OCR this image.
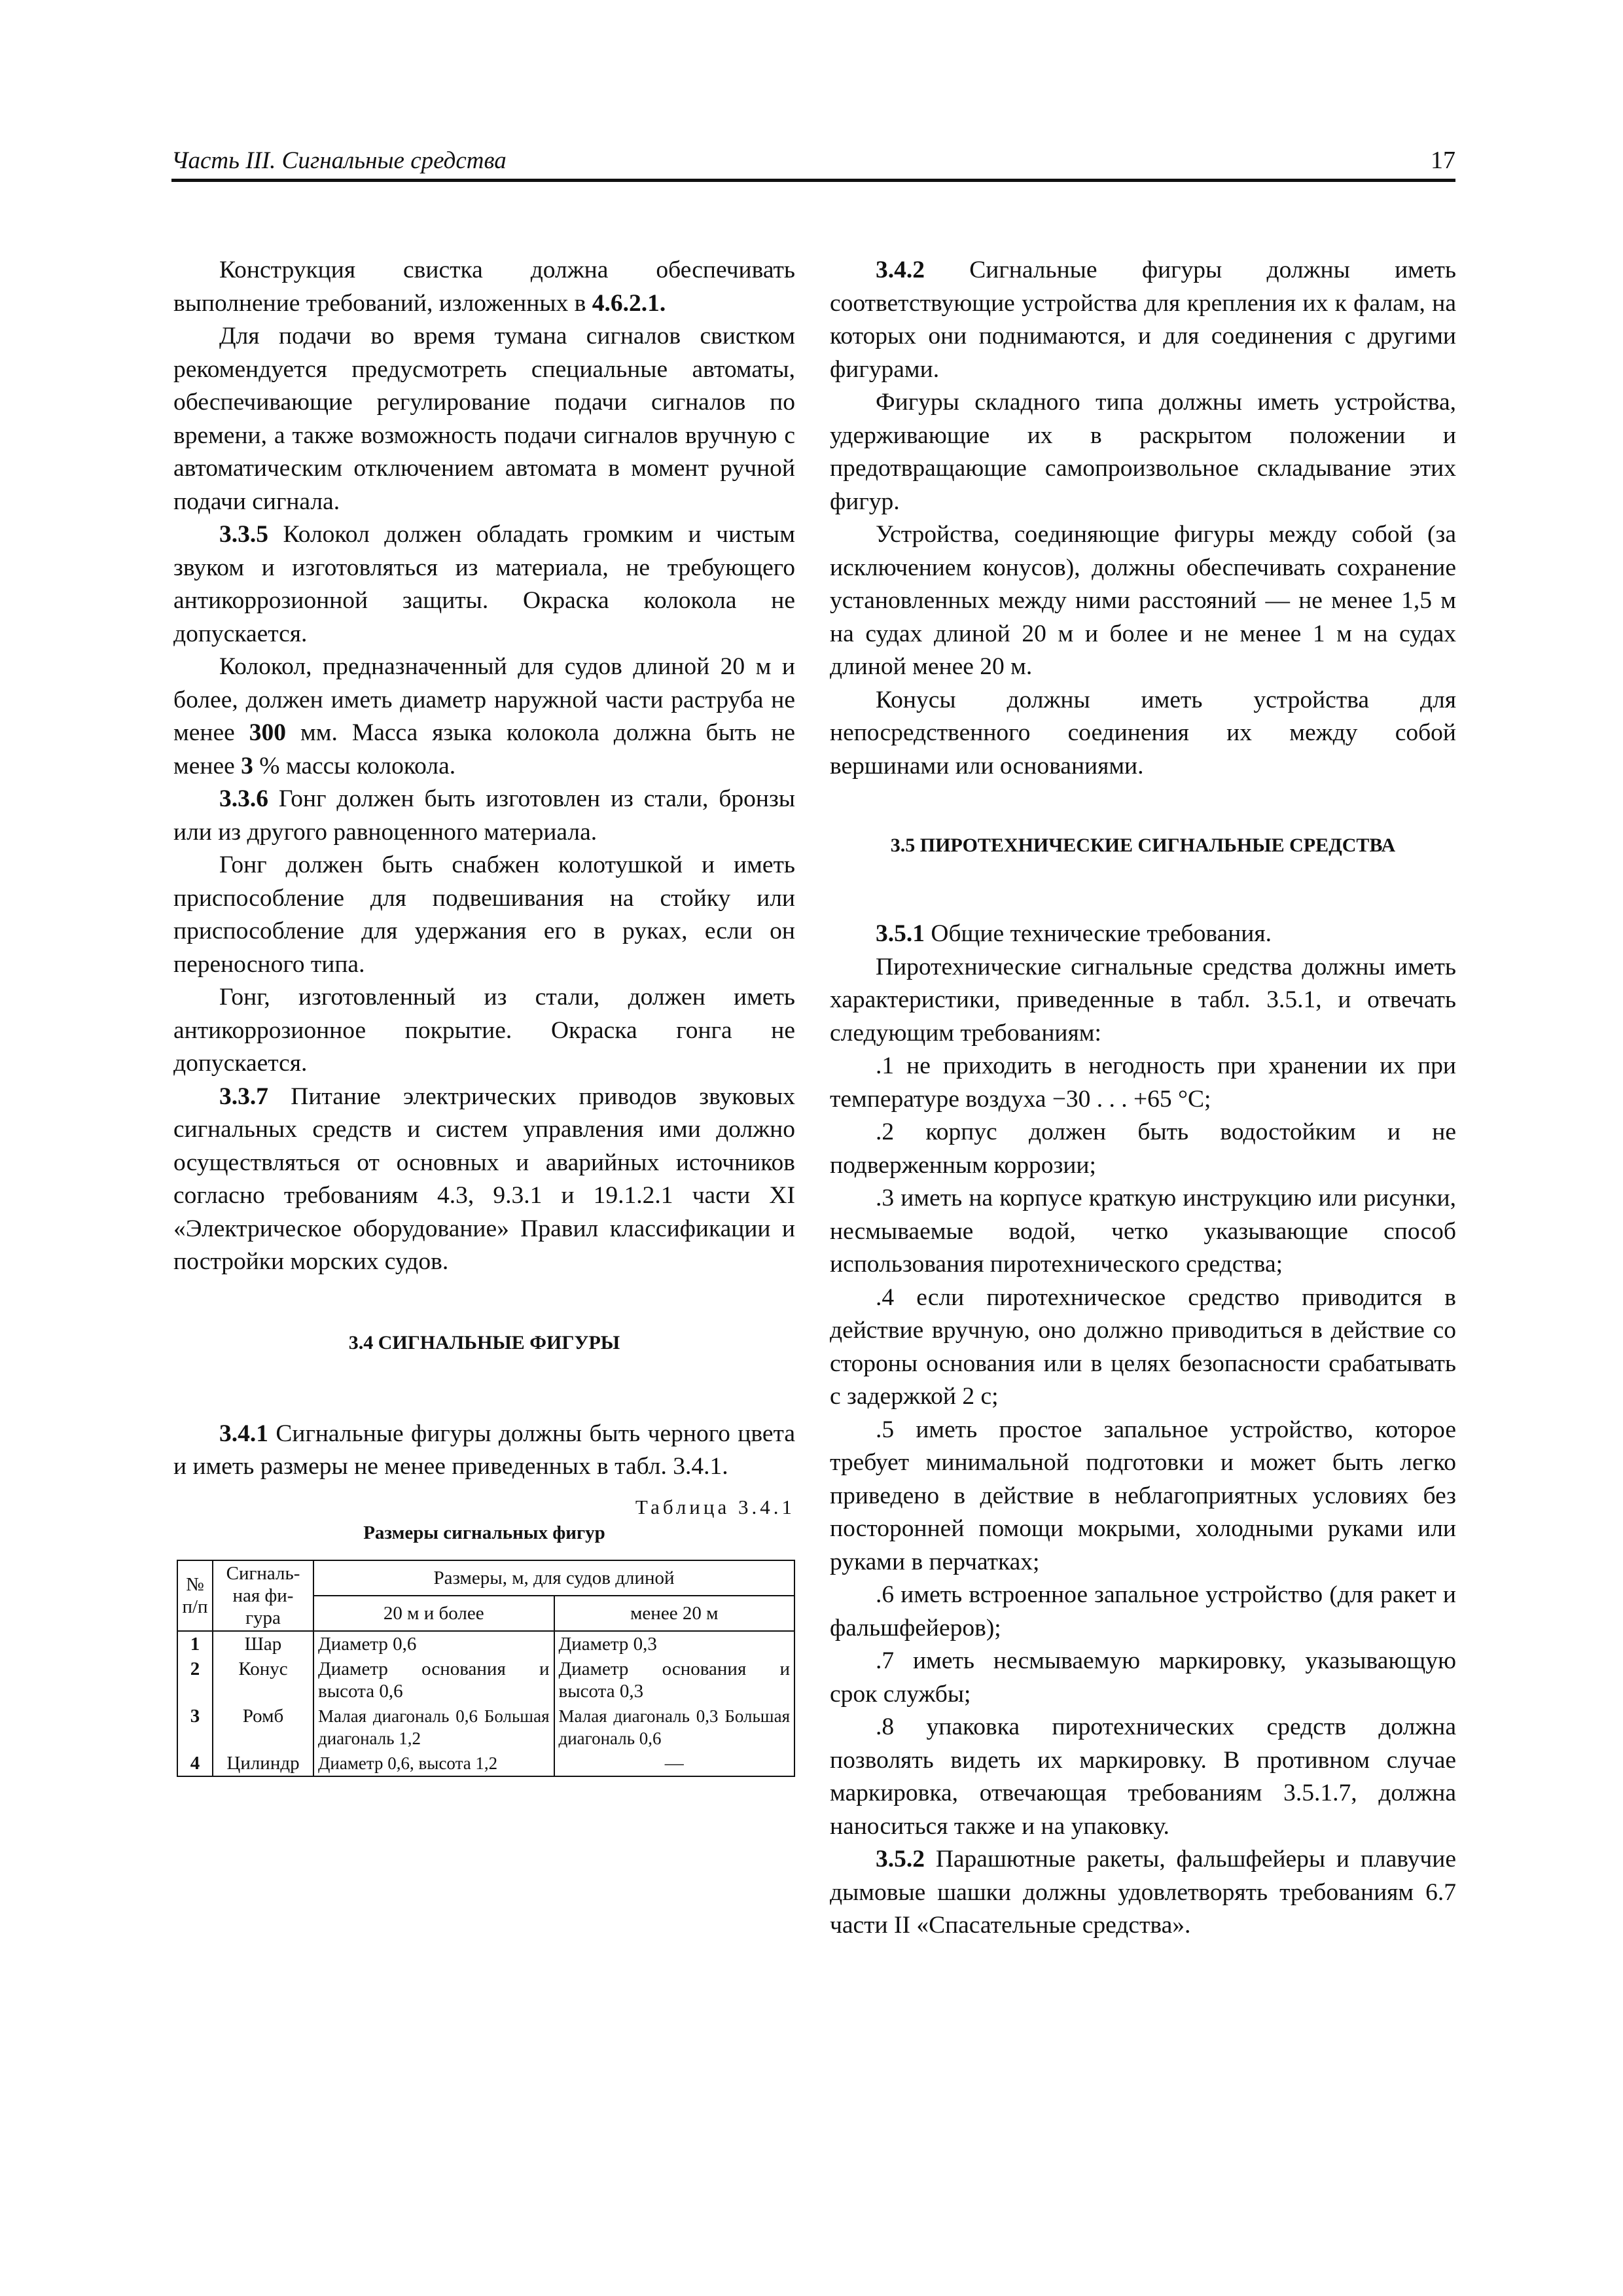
Часть III. Сигнальные средства	17

Конструкция свистка должна обеспечивать выполнение требований, изложенных в 4.6.2.1.

Для подачи во время тумана сигналов свистком рекомендуется предусмотреть специальные автоматы, обеспечивающие регулирование подачи сигналов по времени, а также возможность подачи сигналов вручную с автоматическим отключением автомата в момент ручной подачи сигнала.

3.3.5 Колокол должен обладать громким и чистым звуком и изготовляться из материала, не требующего антикоррозионной защиты. Окраска колокола не допускается.

Колокол, предназначенный для судов длиной 20 м и более, должен иметь диаметр наружной части раструба не менее 300 мм. Масса языка колокола должна быть не менее 3 % массы колокола.

3.3.6 Гонг должен быть изготовлен из стали, бронзы или из другого равноценного материала.

Гонг должен быть снабжен колотушкой и иметь приспособление для подвешивания на стойку или приспособление для удержания его в руках, если он переносного типа.

Гонг, изготовленный из стали, должен иметь антикоррозионное покрытие. Окраска гонга не допускается.

3.3.7 Питание электрических приводов звуковых сигнальных средств и систем управления ими должно осуществляться от основных и аварийных источников согласно требованиям 4.3, 9.3.1 и 19.1.2.1 части XI «Электрическое оборудование» Правил классификации и постройки морских судов.

3.4 СИГНАЛЬНЫЕ ФИГУРЫ

3.4.1 Сигнальные фигуры должны быть черного цвета и иметь размеры не менее приведенных в табл. 3.4.1.

Таблица 3.4.1
Размеры сигнальных фигур
№ п/п	Сигналь-ная фи-гура	Размеры, м, для судов длиной	
		20 м и более	менее 20 м
1	Шар	Диаметр 0,6	Диаметр 0,3
2	Конус	Диаметр основания и высота 0,6	Диаметр основания и высота 0,3
3	Ромб	Малая диагональ 0,6 Большая диагональ 1,2	Малая диагональ 0,3 Большая диагональ 0,6
4	Цилиндр	Диаметр 0,6, высота 1,2	—

3.4.2 Сигнальные фигуры должны иметь соответствующие устройства для крепления их к фалам, на которых они поднимаются, и для соединения с другими фигурами.

Фигуры складного типа должны иметь устройства, удерживающие их в раскрытом положении и предотвращающие самопроизвольное складывание этих фигур.

Устройства, соединяющие фигуры между собой (за исключением конусов), должны обеспечивать сохранение установленных между ними расстояний — не менее 1,5 м на судах длиной 20 м и более и не менее 1 м на судах длиной менее 20 м.

Конусы должны иметь устройства для непосредственного соединения их между собой вершинами или основаниями.

3.5 ПИРОТЕХНИЧЕСКИЕ СИГНАЛЬНЫЕ СРЕДСТВА

3.5.1 Общие технические требования.

Пиротехнические сигнальные средства должны иметь характеристики, приведенные в табл. 3.5.1, и отвечать следующим требованиям:

.1 не приходить в негодность при хранении их при температуре воздуха −30 . . . +65 °С;

.2 корпус должен быть водостойким и не подверженным коррозии;

.3 иметь на корпусе краткую инструкцию или рисунки, несмываемые водой, четко указывающие способ использования пиротехнического средства;

.4 если пиротехническое средство приводится в действие вручную, оно должно приводиться в действие со стороны основания или в целях безопасности срабатывать с задержкой 2 с;

.5 иметь простое запальное устройство, которое требует минимальной подготовки и может быть легко приведено в действие в неблагоприятных условиях без посторонней помощи мокрыми, холодными руками или руками в перчатках;

.6 иметь встроенное запальное устройство (для ракет и фальшфейеров);

.7 иметь несмываемую маркировку, указывающую срок службы;

.8 упаковка пиротехнических средств должна позволять видеть их маркировку. В противном случае маркировка, отвечающая требованиям 3.5.1.7, должна наноситься также и на упаковку.

3.5.2 Парашютные ракеты, фальшфейеры и плавучие дымовые шашки должны удовлетворять требованиям 6.7 части II «Спасательные средства».
